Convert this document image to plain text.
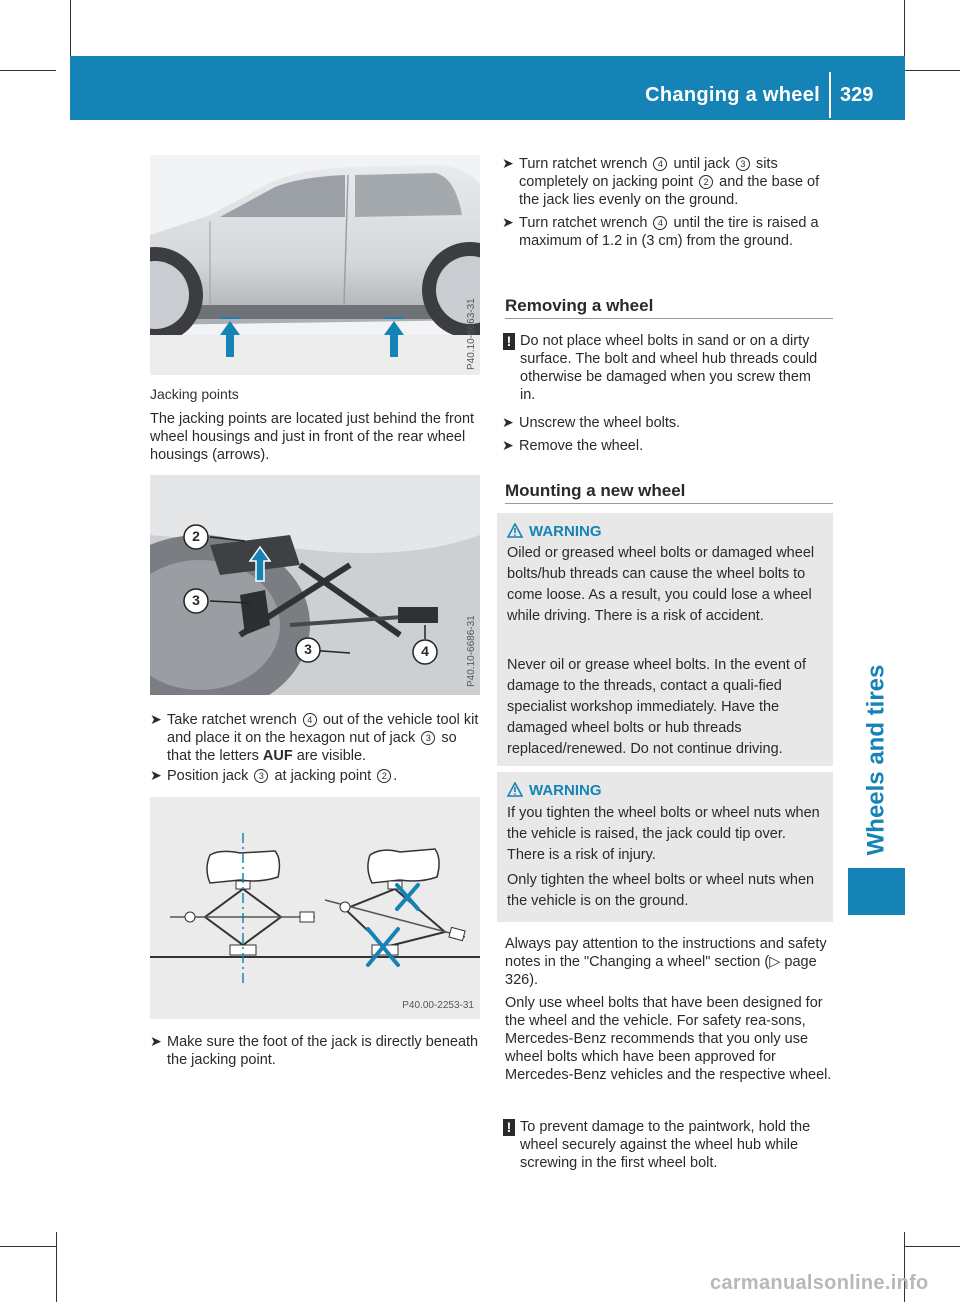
Changing a wheel 329
Wheels and tires
P40.10-6663-31
Jacking points
The jacking points are located just behind the front wheel housings and just in front of the rear wheel housings (arrows).
2
3
3	4	P40.10-6686-31
➤ Take ratchet wrench 4 out of the vehicle tool kit and place it on the hexagon nut of jack 3 so that the letters AUF are visible.
➤ Position jack 3 at jacking point 2 .
P40.00-2253-31
➤ Make sure the foot of the jack is directly beneath the jacking point.
➤ Turn ratchet wrench 4 until jack 3 sits completely on jacking point 2 and the base of the jack lies evenly on the ground.
➤ Turn ratchet wrench 4 until the tire is raised a maximum of 1.2 in (3 cm) from the ground.
Removing a wheel
! Do not place wheel bolts in sand or on a dirty surface. The bolt and wheel hub threads could otherwise be damaged when you screw them in.
➤ Unscrew the wheel bolts.
➤ Remove the wheel.
Mounting a new wheel
WARNING
Oiled or greased wheel bolts or damaged wheel bolts/hub threads can cause the wheel bolts to come loose. As a result, you could lose a wheel while driving. There is a risk of accident.
Never oil or grease wheel bolts. In the event of damage to the threads, contact a quali-fied specialist workshop immediately. Have the damaged wheel bolts or hub threads replaced/renewed. Do not continue driving.
WARNING
If you tighten the wheel bolts or wheel nuts when the vehicle is raised, the jack could tip over. There is a risk of injury.
Only tighten the wheel bolts or wheel nuts when the vehicle is on the ground.
Always pay attention to the instructions and safety notes in the "Changing a wheel" section (▷ page 326).
Only use wheel bolts that have been designed for the wheel and the vehicle. For safety rea-sons, Mercedes-Benz recommends that you only use wheel bolts which have been approved for Mercedes-Benz vehicles and the respective wheel.
! To prevent damage to the paintwork, hold the wheel securely against the wheel hub while screwing in the first wheel bolt.
carmanualsonline.info
